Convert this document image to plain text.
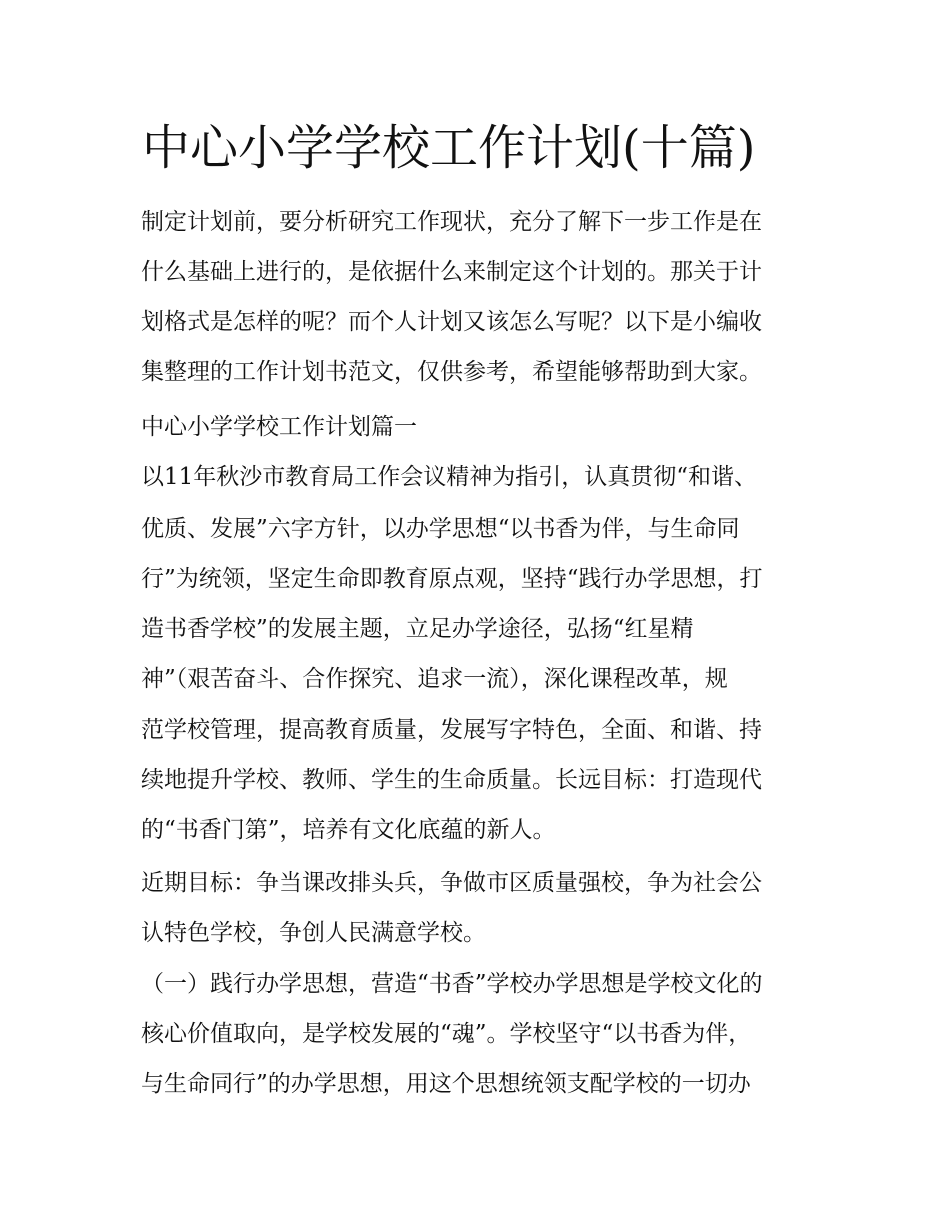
中心小学学校工作计划(十篇)
制定计划前，要分析研究工作现状，充分了解下一步工作是在
什么基础上进行的，是依据什么来制定这个计划的。那关于计
划格式是怎样的呢？而个人计划又该怎么写呢？以下是小编收
集整理的工作计划书范文，仅供参考，希望能够帮助到大家。
中心小学学校工作计划篇一
以11年秋沙市教育局工作会议精神为指引，认真贯彻“和谐、
优质、发展”六字方针，以办学思想“以书香为伴，与生命同
行”为统领，坚定生命即教育原点观，坚持“践行办学思想，打
造书香学校”的发展主题，立足办学途径，弘扬“红星精
神”（艰苦奋斗、合作探究、追求一流），深化课程改革，规
范学校管理，提高教育质量，发展写字特色，全面、和谐、持
续地提升学校、教师、学生的生命质量。长远目标：打造现代
的“书香门第”，培养有文化底蕴的新人。
近期目标：争当课改排头兵，争做市区质量强校，争为社会公
认特色学校，争创人民满意学校。
（一）践行办学思想，营造“书香”学校办学思想是学校文化的
核心价值取向，是学校发展的“魂”。学校坚守“以书香为伴，
与生命同行”的办学思想，用这个思想统领支配学校的一切办
